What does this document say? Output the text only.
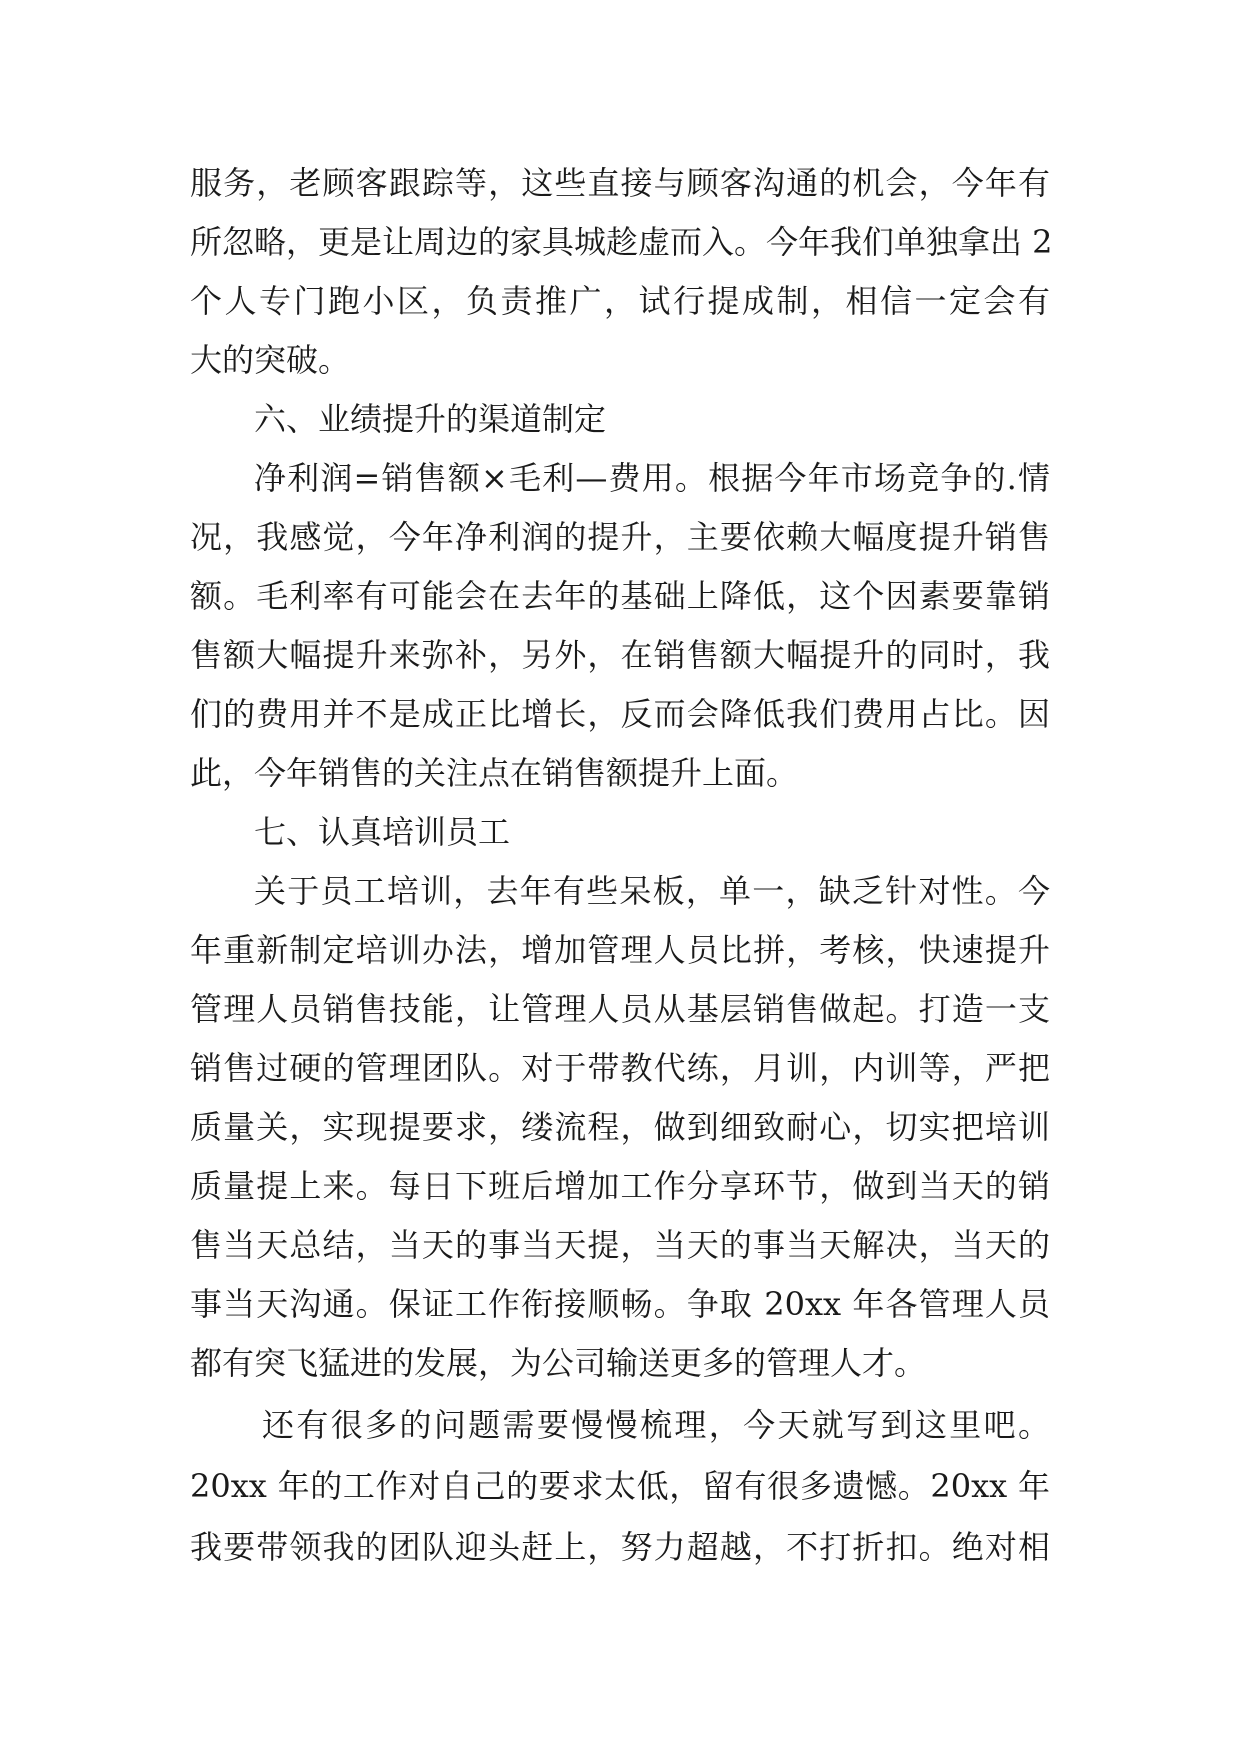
服务，老顾客跟踪等，这些直接与顾客沟通的机会，今年有
所忽略，更是让周边的家具城趁虚而入。今年我们单独拿出 2
个人专门跑小区，负责推广，试行提成制，相信一定会有
大的突破。
六、业绩提升的渠道制定
净利润=销售额×毛利—费用。根据今年市场竞争的.情
况，我感觉，今年净利润的提升，主要依赖大幅度提升销售
额。毛利率有可能会在去年的基础上降低，这个因素要靠销
售额大幅提升来弥补，另外，在销售额大幅提升的同时，我
们的费用并不是成正比增长，反而会降低我们费用占比。因
此，今年销售的关注点在销售额提升上面。
七、认真培训员工
关于员工培训，去年有些呆板，单一，缺乏针对性。今
年重新制定培训办法，增加管理人员比拼，考核，快速提升
管理人员销售技能，让管理人员从基层销售做起。打造一支
销售过硬的管理团队。对于带教代练，月训，内训等，严把
质量关，实现提要求，缕流程，做到细致耐心，切实把培训
质量提上来。每日下班后增加工作分享环节，做到当天的销
售当天总结，当天的事当天提，当天的事当天解决，当天的
事当天沟通。保证工作衔接顺畅。争取 20xx 年各管理人员
都有突飞猛进的发展，为公司输送更多的管理人才。
还有很多的问题需要慢慢梳理，今天就写到这里吧。
20xx 年的工作对自己的要求太低，留有很多遗憾。20xx 年
我要带领我的团队迎头赶上，努力超越，不打折扣。绝对相
